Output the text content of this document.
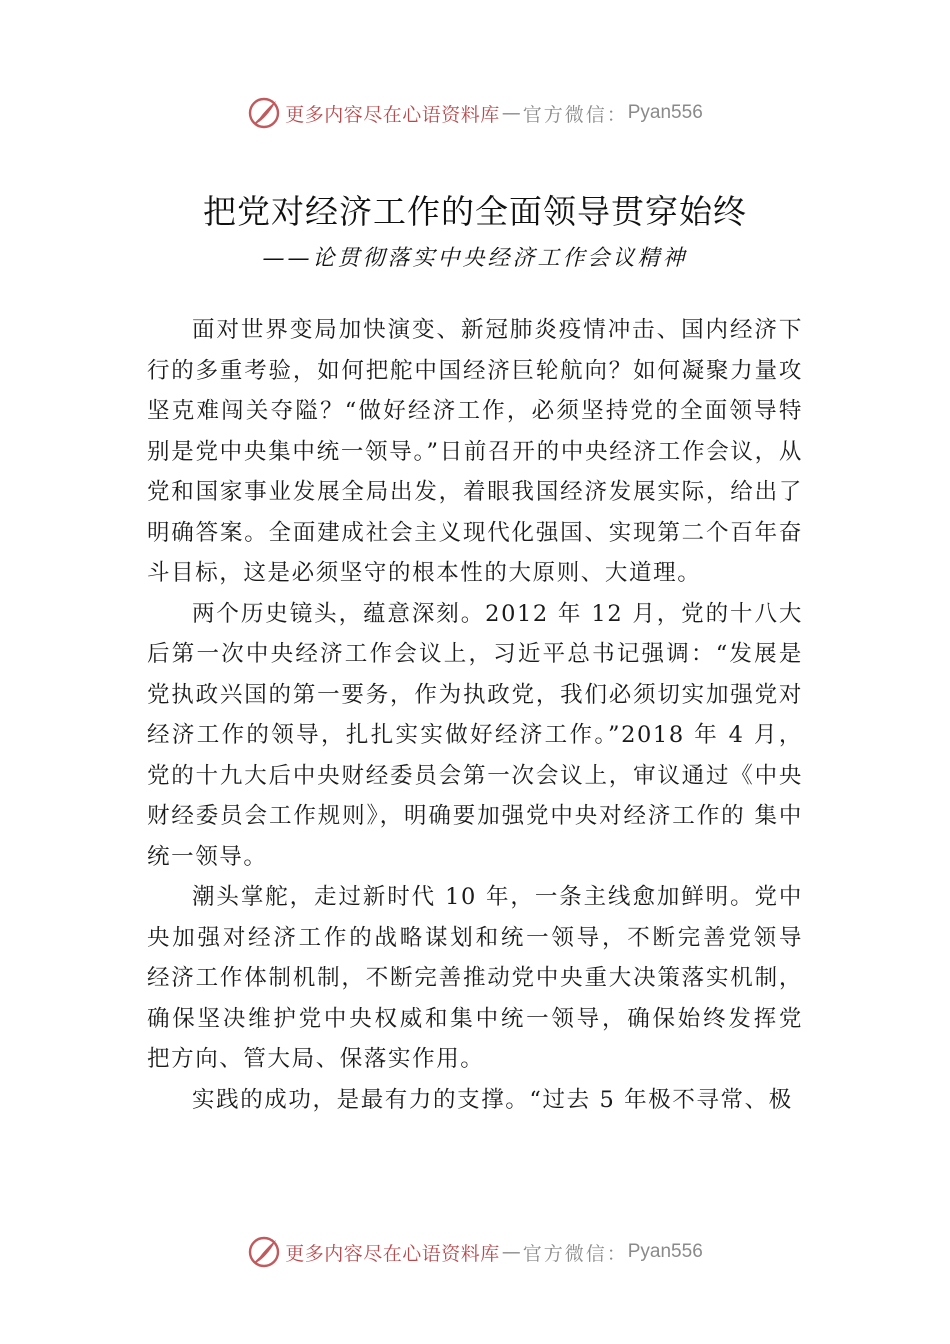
更多内容尽在心语资料库 — 官方微信： Pyan556
把党对经济工作的全面领导贯穿始终
——论贯彻落实中央经济工作会议精神

面对世界变局加快演变、新冠肺炎疫情冲击、国内经济下行的多重考验，如何把舵中国经济巨轮航向？如何凝聚力量攻坚克难闯关夺隘？“做好经济工作，必须坚持党的全面领导特别是党中央集中统一领导。”日前召开的中央经济工作会议，从党和国家事业发展全局出发，着眼我国经济发展实际，给出了明确答案。全面建成社会主义现代化强国、实现第二个百年奋斗目标，这是必须坚守的根本性的大原则、大道理。

两个历史镜头，蕴意深刻。2012 年 12 月，党的十八大后第一次中央经济工作会议上，习近平总书记强调：“发展是党执政兴国的第一要务，作为执政党，我们必须切实加强党对经济工作的领导，扎扎实实做好经济工作。”2018 年 4 月，党的十九大后中央财经委员会第一次会议上，审议通过《中央财经委员会工作规则》，明确要加强党中央对经济工作的 集中统一领导。

潮头掌舵，走过新时代 10 年，一条主线愈加鲜明。党中央加强对经济工作的战略谋划和统一领导，不断完善党领导 经济工作体制机制，不断完善推动党中央重大决策落实机制， 确保坚决维护党中央权威和集中统一领导，确保始终发挥党 把方向、管大局、保落实作用。

实践的成功，是最有力的支撑。“过去 5 年极不寻常、极

更多内容尽在心语资料库 — 官方微信： Pyan556
